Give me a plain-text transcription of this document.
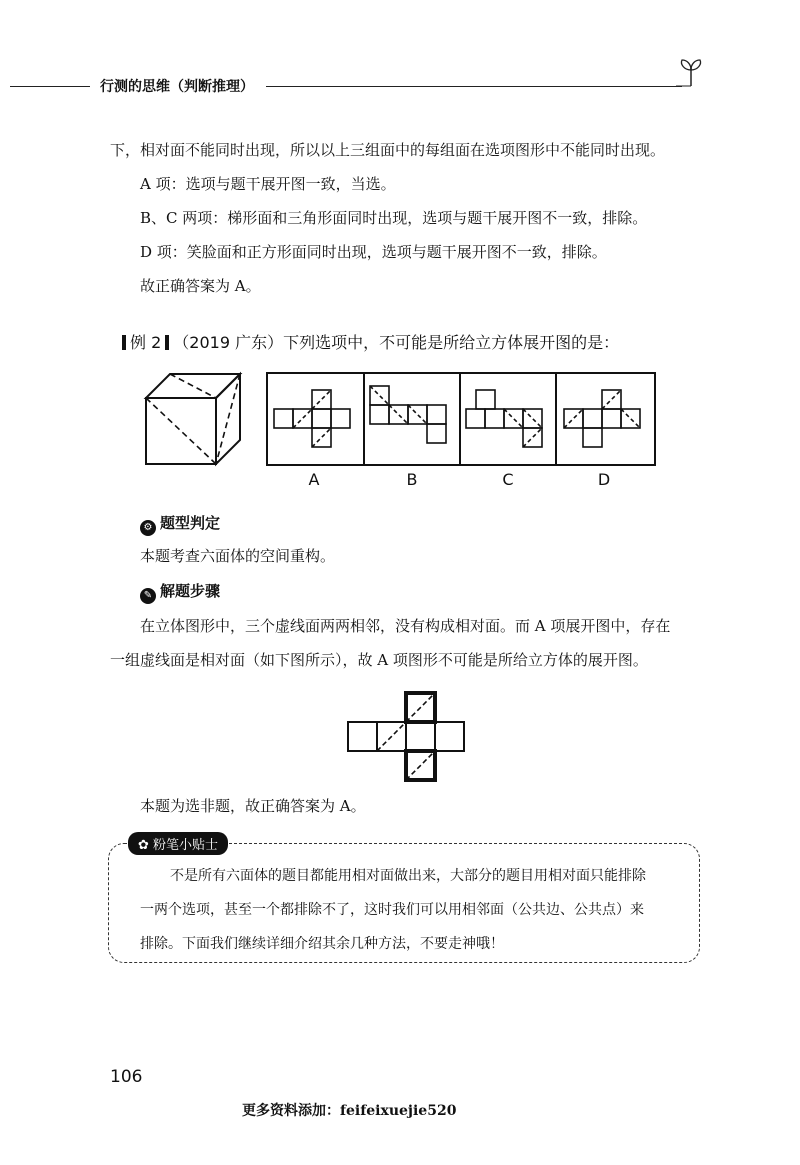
行测的思维（判断推理）
下，相对面不能同时出现，所以以上三组面中的每组面在选项图形中不能同时出现。
A 项：选项与题干展开图一致，当选。
B、C 两项：梯形面和三角形面同时出现，选项与题干展开图不一致，排除。
D 项：笑脸面和正方形面同时出现，选项与题干展开图不一致，排除。
故正确答案为 A。
例 2 （2019 广东）下列选项中，不可能是所给立方体展开图的是：
A	B	C	D
⚙ 题型判定
本题考查六面体的空间重构。
✎ 解题步骤
在立体图形中，三个虚线面两两相邻，没有构成相对面。而 A 项展开图中，存在
一组虚线面是相对面（如下图所示），故 A 项图形不可能是所给立方体的展开图。
本题为选非题，故正确答案为 A。
✿ 粉笔小贴士
不是所有六面体的题目都能用相对面做出来，大部分的题目用相对面只能排除
一两个选项，甚至一个都排除不了，这时我们可以用相邻面（公共边、公共点）来
排除。下面我们继续详细介绍其余几种方法，不要走神哦！
106
更多资料添加：feifeixuejie520
